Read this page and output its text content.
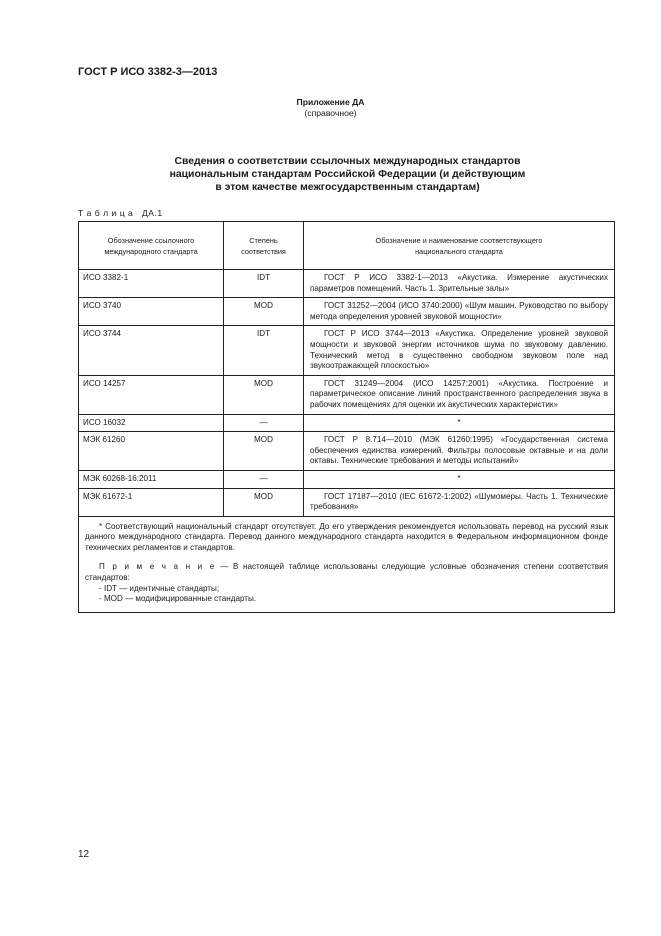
ГОСТ Р ИСО 3382-3—2013
Приложение ДА
(справочное)
Сведения о соответствии ссылочных международных стандартов
национальным стандартам Российской Федерации (и действующим
в этом качестве межгосударственным стандартам)
Т а б л и ц а   ДА.1
Обозначение ссылочного международного стандарта	Степень соответствия	Обозначение и наименование соответствующего национального стандарта
ИСО 3382-1	IDT	ГОСТ Р ИСО 3382-1—2013 «Акустика. Измерение акустических параметров помещений. Часть 1. Зрительные залы»
ИСО 3740	MOD	ГОСТ 31252—2004 (ИСО 3740:2000) «Шум машин. Руководство по выбору метода определения уровней звуковой мощности»
ИСО 3744	IDT	ГОСТ Р ИСО 3744—2013 «Акустика. Определение уровней звуковой мощности и звуковой энергии источников шума по звуковому давлению. Технический метод в существенно свободном звуковом поле над звукоотражающей плоскостью»
ИСО 14257	MOD	ГОСТ 31249—2004 (ИСО 14257:2001) «Акустика. Построение и параметрическое описание линий пространственного распределения звука в рабочих помещениях для оценки их акустических характеристик»
ИСО 16032	—	*
МЭК 61260	MOD	ГОСТ Р 8.714—2010 (МЭК 61260:1995) «Государственная система обеспечения единства измерений. Фильтры полосовые октавные и на доли октавы. Технические требования и методы испытаний»
МЭК 60268-16:2011	—	*
МЭК 61672-1	MOD	ГОСТ 17187—2010 (IEC 61672-1:2002) «Шумомеры. Часть 1. Технические требования»

* Соответствующий национальный стандарт отсутствует. До его утверждения рекомендуется использовать перевод на русский язык данного международного стандарта. Перевод данного международного стандарта находится в Федеральном информационном фонде технических регламентов и стандартов.

П р и м е ч а н и е — В настоящей таблице использованы следующие условные обозначения степени соответствия стандартов:
- IDT — идентичные стандарты;
- MOD — модифицированные стандарты.		
12
